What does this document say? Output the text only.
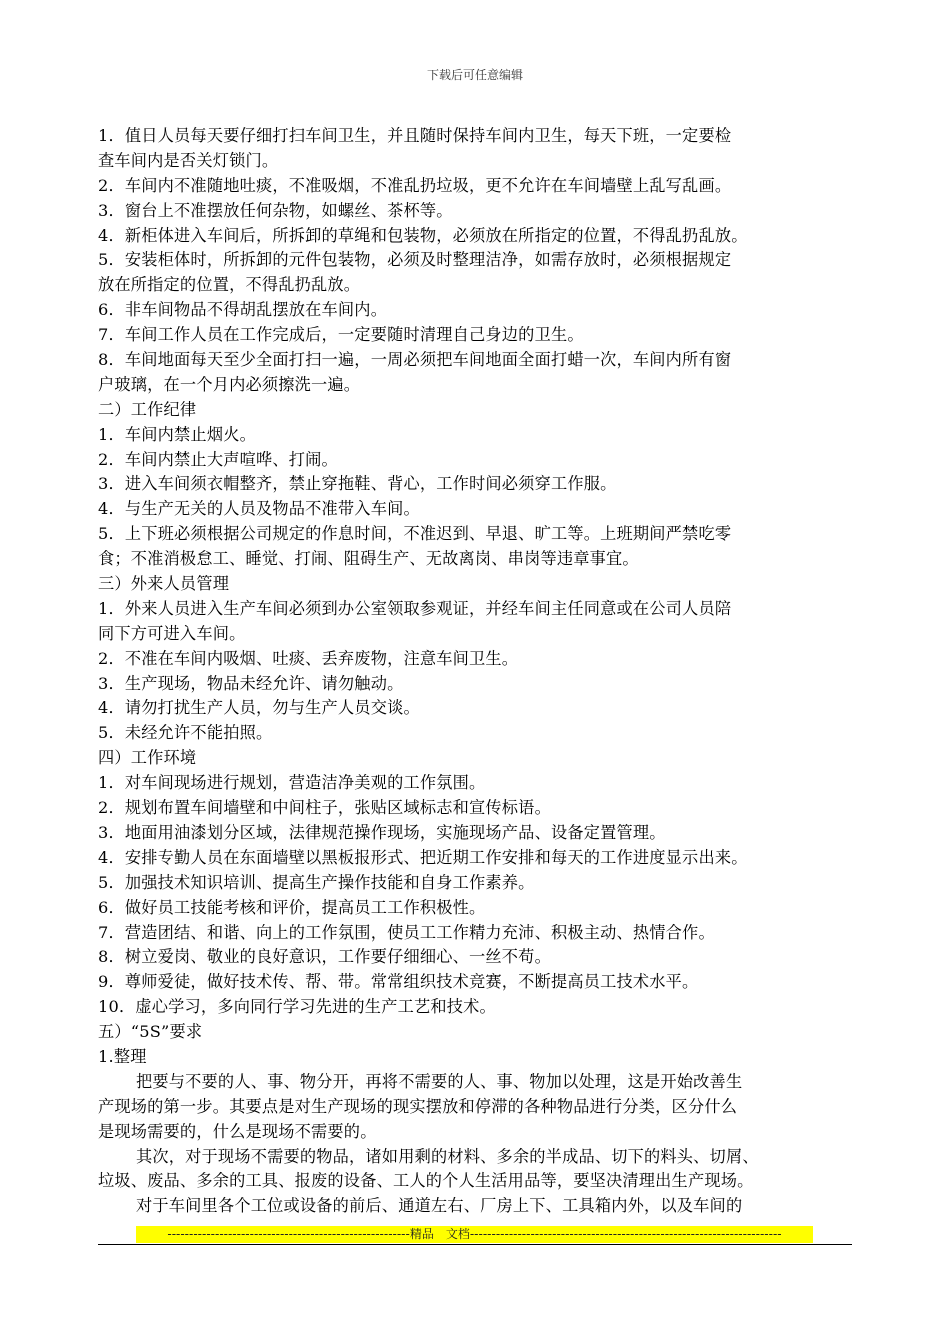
下载后可任意编辑
1．值日人员每天要仔细打扫车间卫生，并且随时保持车间内卫生，每天下班，一定要检
查车间内是否关灯锁门。
2．车间内不准随地吐痰，不准吸烟，不准乱扔垃圾，更不允许在车间墙壁上乱写乱画。
3．窗台上不准摆放任何杂物，如螺丝、茶杯等。
4．新柜体进入车间后，所拆卸的草绳和包装物，必须放在所指定的位置，不得乱扔乱放。
5．安装柜体时，所拆卸的元件包装物，必须及时整理洁净，如需存放时，必须根据规定
放在所指定的位置，不得乱扔乱放。
6．非车间物品不得胡乱摆放在车间内。
7．车间工作人员在工作完成后，一定要随时清理自己身边的卫生。
8．车间地面每天至少全面打扫一遍，一周必须把车间地面全面打蜡一次，车间内所有窗
户玻璃，在一个月内必须擦洗一遍。
二）工作纪律
1．车间内禁止烟火。
2．车间内禁止大声喧哗、打闹。
3．进入车间须衣帽整齐，禁止穿拖鞋、背心，工作时间必须穿工作服。
4．与生产无关的人员及物品不准带入车间。
5．上下班必须根据公司规定的作息时间，不准迟到、早退、旷工等。上班期间严禁吃零
食；不准消极怠工、睡觉、打闹、阻碍生产、无故离岗、串岗等违章事宜。
三）外来人员管理
1．外来人员进入生产车间必须到办公室领取参观证，并经车间主任同意或在公司人员陪
同下方可进入车间。
2．不准在车间内吸烟、吐痰、丢弃废物，注意车间卫生。
3．生产现场，物品未经允许、请勿触动。
4．请勿打扰生产人员，勿与生产人员交谈。
5．未经允许不能拍照。
四）工作环境
1．对车间现场进行规划，营造洁净美观的工作氛围。
2．规划布置车间墙壁和中间柱子，张贴区域标志和宣传标语。
3．地面用油漆划分区域，法律规范操作现场，实施现场产品、设备定置管理。
4．安排专勤人员在东面墙壁以黑板报形式、把近期工作安排和每天的工作进度显示出来。
5．加强技术知识培训、提高生产操作技能和自身工作素养。
6．做好员工技能考核和评价，提高员工工作积极性。
7．营造团结、和谐、向上的工作氛围，使员工工作精力充沛、积极主动、热情合作。
8．树立爱岗、敬业的良好意识，工作要仔细细心、一丝不苟。
9．尊师爱徒，做好技术传、帮、带。常常组织技术竞赛，不断提高员工技术水平。
10．虚心学习，多向同行学习先进的生产工艺和技术。
五）“5S”要求
1.整理
把要与不要的人、事、物分开，再将不需要的人、事、物加以处理，这是开始改善生
产现场的第一步。其要点是对生产现场的现实摆放和停滞的各种物品进行分类，区分什么
是现场需要的，什么是现场不需要的。
其次，对于现场不需要的物品，诸如用剩的材料、多余的半成品、切下的料头、切屑、
垃圾、废品、多余的工具、报废的设备、工人的个人生活用品等，要坚决清理出生产现场。
对于车间里各个工位或设备的前后、通道左右、厂房上下、工具箱内外，以及车间的
--------------------------------------------------------精品　文档------------------------------------------------------------------------
